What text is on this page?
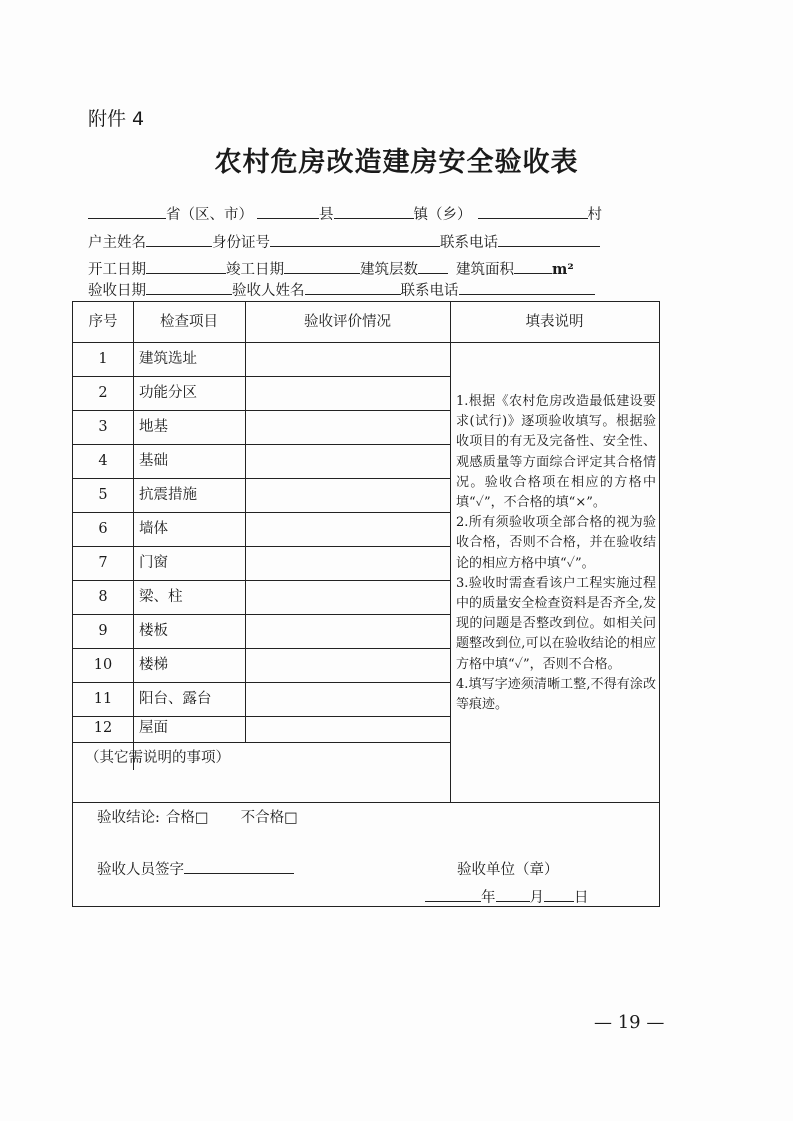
附件 4
农村危房改造建房安全验收表
省（区、市）	县	镇（乡）	村
户主姓名	身份证号	联系电话
开工日期	竣工日期	建筑层数	建筑面积	m²
验收日期	验收人姓名	联系电话
序号	检查项目	验收评价情况	填表说明
1	建筑选址
2	功能分区
3	地基
4	基础
5	抗震措施
6	墙体
7	门窗
8	梁、柱
9	楼板
10	楼梯
11	阳台、露台
12	屋面
（其它需说明的事项）

1.根据《农村危房改造最低建设要求(试行)》逐项验收填写。根据验收项目的有无及完备性、安全性、观感质量等方面综合评定其合格情况。验收合格项在相应的方格中填“✓”，不合格的填“×”。

2.所有须验收项全部合格的视为验收合格，否则不合格，并在验收结论的相应方格中填“✓”。

3.验收时需查看该户工程实施过程中的质量安全检查资料是否齐全,发现的问题是否整改到位。如相关问题整改到位,可以在验收结论的相应方格中填“✓”，否则不合格。

4.填写字迹须清晰工整,不得有涂改等痕迹。

验收结论: 合格□ 不合格□
验收人员签字	验收单位（章）
年 月 日
— 19 —
